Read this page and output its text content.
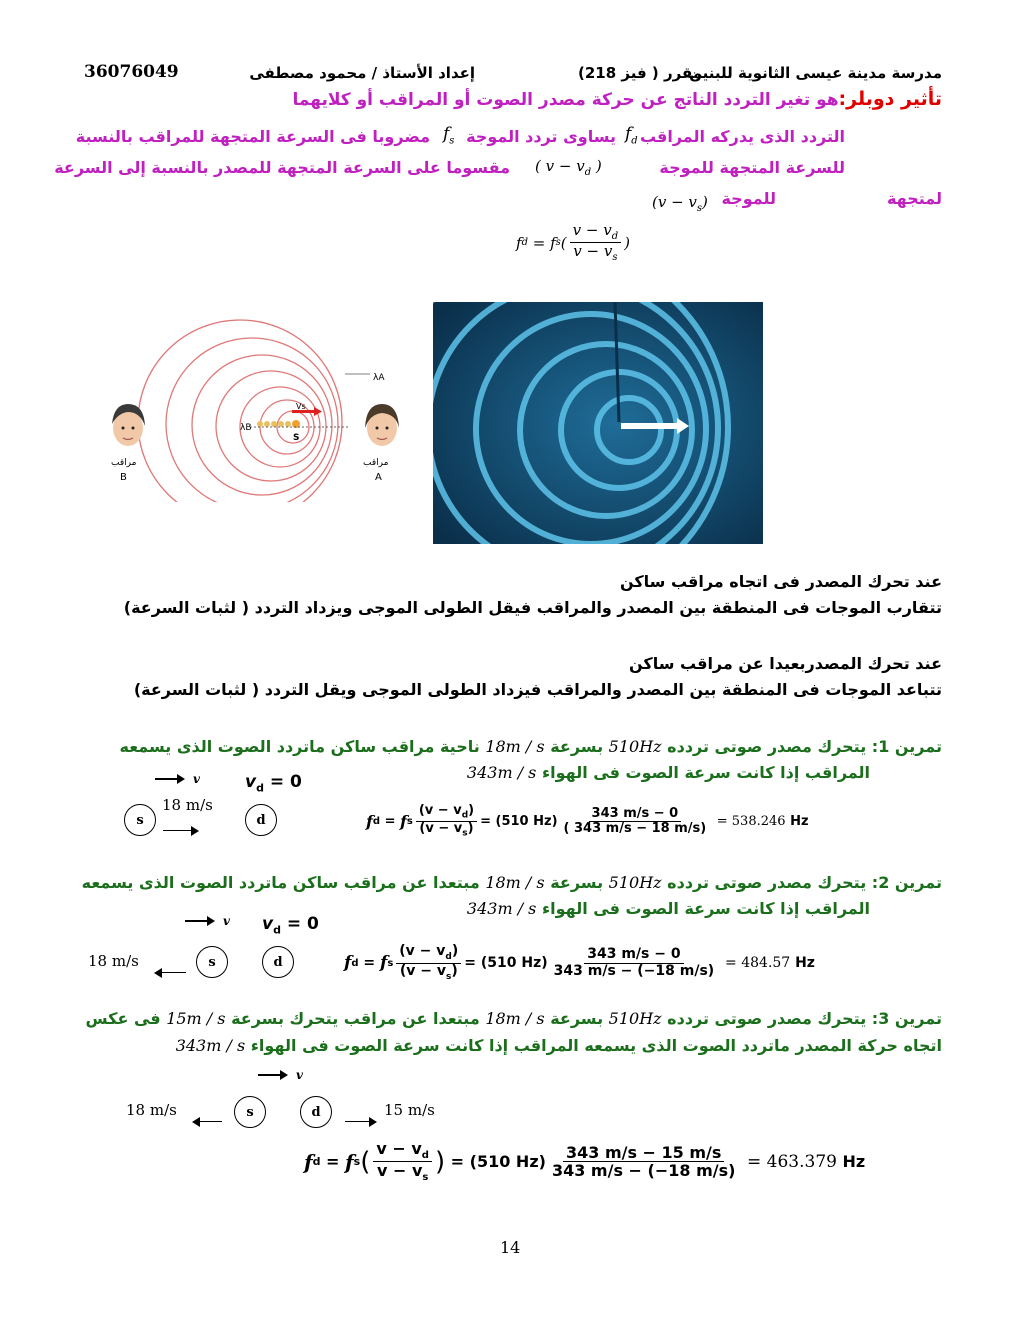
مدرسة مدينة عيسى الثانوية للبنين
مقرر ( فيز 218)
إعداد الأستاذ / محمود مصطفى
36076049
تأثير دوبلر:هو تغير التردد الناتج عن حركة مصدر الصوت أو المراقب أو كلايهما
التردد الذى يدركه المراقب
$f_d$
يساوى تردد الموجة
$f_s$
مضروبا فى السرعة المتجهة للمراقب بالنسبة
للسرعة المتجهة للموجة
( $v - v_d$ )
مقسوما على السرعة المتجهة للمصدر بالنسبة إلى السرعة
لمتجهة
للموجة
$(v - v_s)$
f d = f s ( $\frac{v - v_d}{v - v_s}$ )
λB
λA
Vs
S
مراقب
B
مراقب
A
عند تحرك المصدر فى اتجاه مراقب ساكن
تتقارب الموجات فى المنطقة بين المصدر والمراقب فيقل الطولى الموجى ويزداد التردد ( لثبات السرعة)
عند تحرك المصدربعيدا عن مراقب ساكن
تتباعد الموجات فى المنطقة بين المصدر والمراقب فيزداد الطولى الموجى ويقل التردد ( لثبات السرعة)
تمرين 1: يتحرك مصدر صوتى تردده 510Hz بسرعة 18m / s ناحية مراقب ساكن ماتردد الصوت الذى يسمعه
المراقب إذا كانت سرعة الصوت فى الهواء 343m / s
v	$v_d = 0$
s
18 m/s
d	f d = f s $\frac{(v - v_d)}{(v - v_s)} = (510$ $Hz) \frac{343 m/s - 0}{( 343 m/s - 18 m/s)}$
= 538.246
Hz
تمرين 2: يتحرك مصدر صوتى تردده 510Hz بسرعة 18m / s مبتعدا عن مراقب ساكن ماتردد الصوت الذى يسمعه
المراقب إذا كانت سرعة الصوت فى الهواء 343m / s
v $v_d = 0$
18 m/s	s	d	f d = f s $\frac{(v - v_d)}{(v - v_s)} = (510$ $Hz) \frac{343 m/s - 0}{343 m/s - (-18 m/s)}$
= 484.57
Hz
تمرين 3: يتحرك مصدر صوتى تردده 510Hz بسرعة 18m / s مبتعدا عن مراقب يتحرك بسرعة 15m / s فى عكس
اتجاه حركة المصدر ماتردد الصوت الذى يسمعه المراقب إذا كانت سرعة الصوت فى الهواء 343m / s
v
18 m/s	s	d	15 m/s
f d = f s ( $\frac{v - v_d}{v - v_s}$ )
= (510 $Hz) \frac{343 m/s - 15 m/s}{343 m/s - (-18 m/s)}$
= 463.379
Hz
14
